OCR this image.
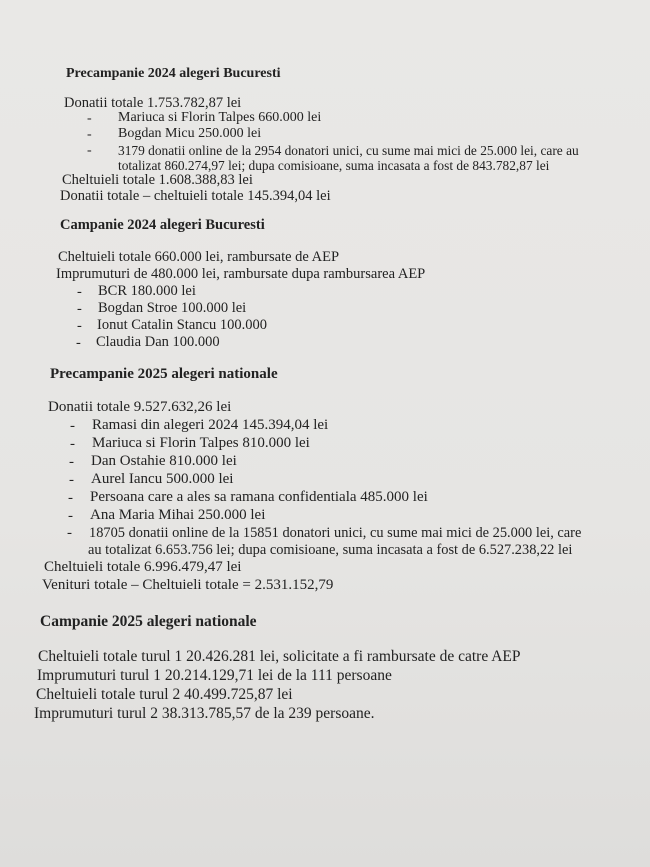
Precampanie 2024 alegeri Bucuresti
Donatii totale 1.753.782,87 lei
- Mariuca si Florin Talpes 660.000 lei
- Bogdan Micu 250.000 lei
- 3179 donatii online de la 2954 donatori unici, cu sume mai mici de 25.000 lei, care au
totalizat 860.274,97 lei; dupa comisioane, suma incasata a fost de 843.782,87 lei
Cheltuieli totale 1.608.388,83 lei
Donatii totale – cheltuieli totale 145.394,04 lei
Campanie 2024 alegeri Bucuresti
Cheltuieli totale 660.000 lei, rambursate de AEP
Imprumuturi de 480.000 lei, rambursate dupa rambursarea AEP
- BCR 180.000 lei
- Bogdan Stroe 100.000 lei
- Ionut Catalin Stancu 100.000
- Claudia Dan 100.000
Precampanie 2025 alegeri nationale
Donatii totale 9.527.632,26 lei
- Ramasi din alegeri 2024 145.394,04 lei
- Mariuca si Florin Talpes 810.000 lei
- Dan Ostahie 810.000 lei
- Aurel Iancu 500.000 lei
- Persoana care a ales sa ramana confidentiala 485.000 lei
- Ana Maria Mihai 250.000 lei
- 18705 donatii online de la 15851 donatori unici, cu sume mai mici de 25.000 lei, care
au totalizat 6.653.756 lei; dupa comisioane, suma incasata a fost de 6.527.238,22 lei
Cheltuieli totale 6.996.479,47 lei
Venituri totale – Cheltuieli totale = 2.531.152,79
Campanie 2025 alegeri nationale
Cheltuieli totale turul 1 20.426.281 lei, solicitate a fi rambursate de catre AEP
Imprumuturi turul 1 20.214.129,71 lei de la 111 persoane
Cheltuieli totale turul 2 40.499.725,87 lei
Imprumuturi turul 2 38.313.785,57 de la 239 persoane.
